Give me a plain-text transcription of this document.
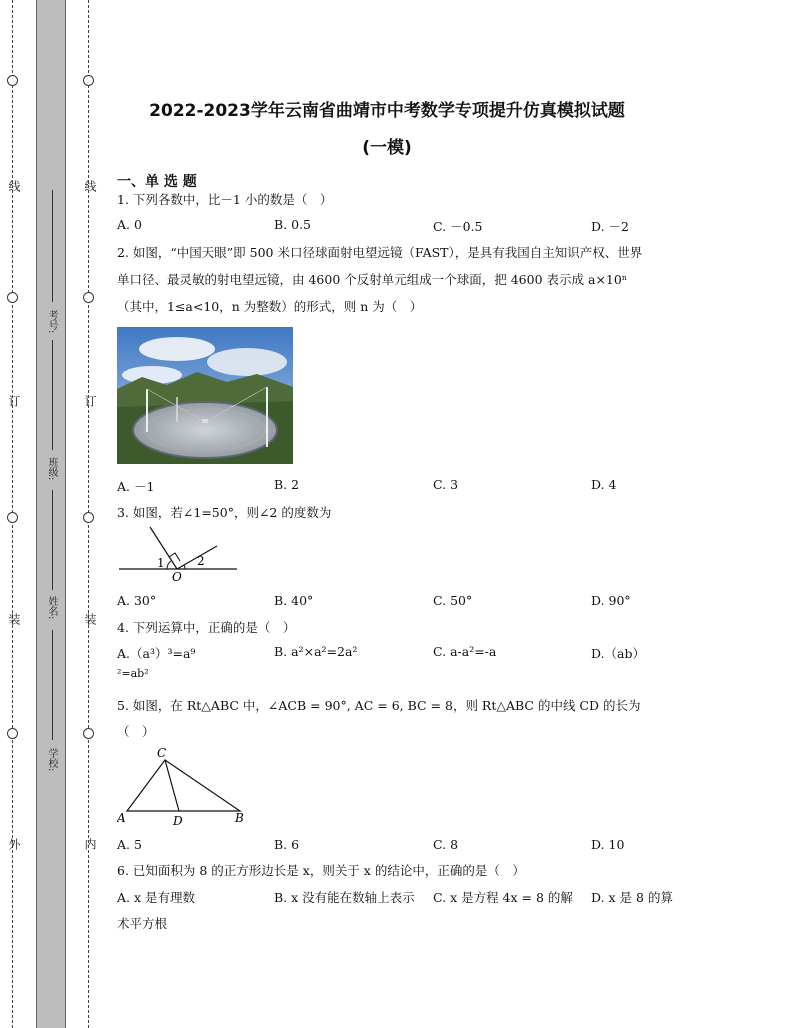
线
订
装
外
线
订
装
内
考号:
班级:
姓名:
学校:
2022-2023学年云南省曲靖市中考数学专项提升仿真模拟试题
(一模)
一、单 选 题
1. 下列各数中，比－1 小的数是（　）
A. 0	B. 0.5	C. －0.5	D. －2
2. 如图，“中国天眼”即 500 米口径球面射电望远镜（FAST），是具有我国自主知识产权、世界
单口径、最灵敏的射电望远镜，由 4600 个反射单元组成一个球面，把 4600 表示成 a×10ⁿ
（其中，1≤a<10，n 为整数）的形式，则 n 为（　）
A. －1	B. 2	C. 3	D. 4
3. 如图，若∠1=50°，则∠2 的度数为
1	2
O
A. 30°	B. 40°	C. 50°	D. 90°
4. 下列运算中，正确的是（　）
A.（a³）³=a⁹	B. a²×a²=2a²	C. a-a²=-a	D.（ab）
²=ab²
5. 如图，在 Rt△ABC 中，∠ACB = 90°, AC = 6, BC = 8，则 Rt△ABC 的中线 CD 的长为
（　）
C
A	D	B
A. 5	B. 6	C. 8	D. 10
6. 已知面积为 8 的正方形边长是 x，则关于 x 的结论中，正确的是（　）
A. x 是有理数	B. x 没有能在数轴上表示 C. x 是方程 4x = 8 的解 D. x 是 8 的算
术平方根
